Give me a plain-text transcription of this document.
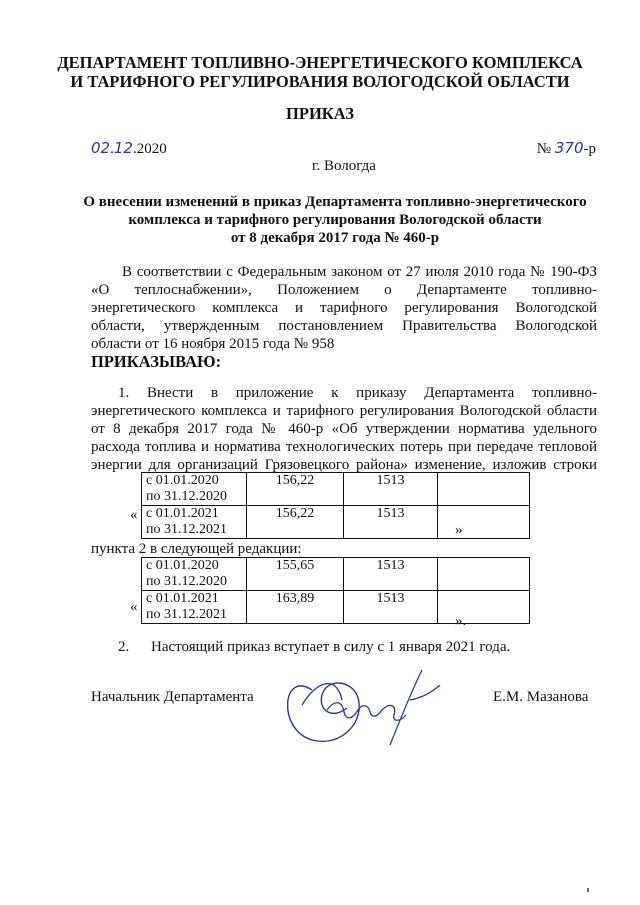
ДЕПАРТАМЕНТ ТОПЛИВНО-ЭНЕРГЕТИЧЕСКОГО КОМПЛЕКСА
И ТАРИФНОГО РЕГУЛИРОВАНИЯ ВОЛОГОДСКОЙ ОБЛАСТИ
ПРИКАЗ
02.12.2020	№ 370-р
г. Вологда
О внесении изменений в приказ Департамента топливно-энергетического
комплекса и тарифного регулирования Вологодской области
от 8 декабря 2017 года № 460-р
В соответствии с Федеральным законом от 27 июля 2010 года № 190-ФЗ
«О теплоснабжении», Положением о Департаменте топливно-
энергетического комплекса и тарифного регулирования Вологодской
области, утвержденным постановлением Правительства Вологодской
области от 16 ноября 2015 года № 958
ПРИКАЗЫВАЮ:
1. Внести в приложение к приказу Департамента топливно-
энергетического комплекса и тарифного регулирования Вологодской области
от 8 декабря 2017 года № 460-р «Об утверждении норматива удельного
расхода топлива и норматива технологических потерь при передаче тепловой
энергии для организаций Грязовецкого района» изменение, изложив строки
с 01.01.2020
по 31.12.2020	156,22	1513	

с 01.01.2021
по 31.12.2021	156,22	1513	
«
»
пункта 2 в следующей редакции:
с 01.01.2020
по 31.12.2020	155,65	1513	

с 01.01.2021
по 31.12.2021	163,89	1513	
«
».
2. Настоящий приказ вступает в силу с 1 января 2021 года.
Начальник Департамента	Е.М. Мазанова
